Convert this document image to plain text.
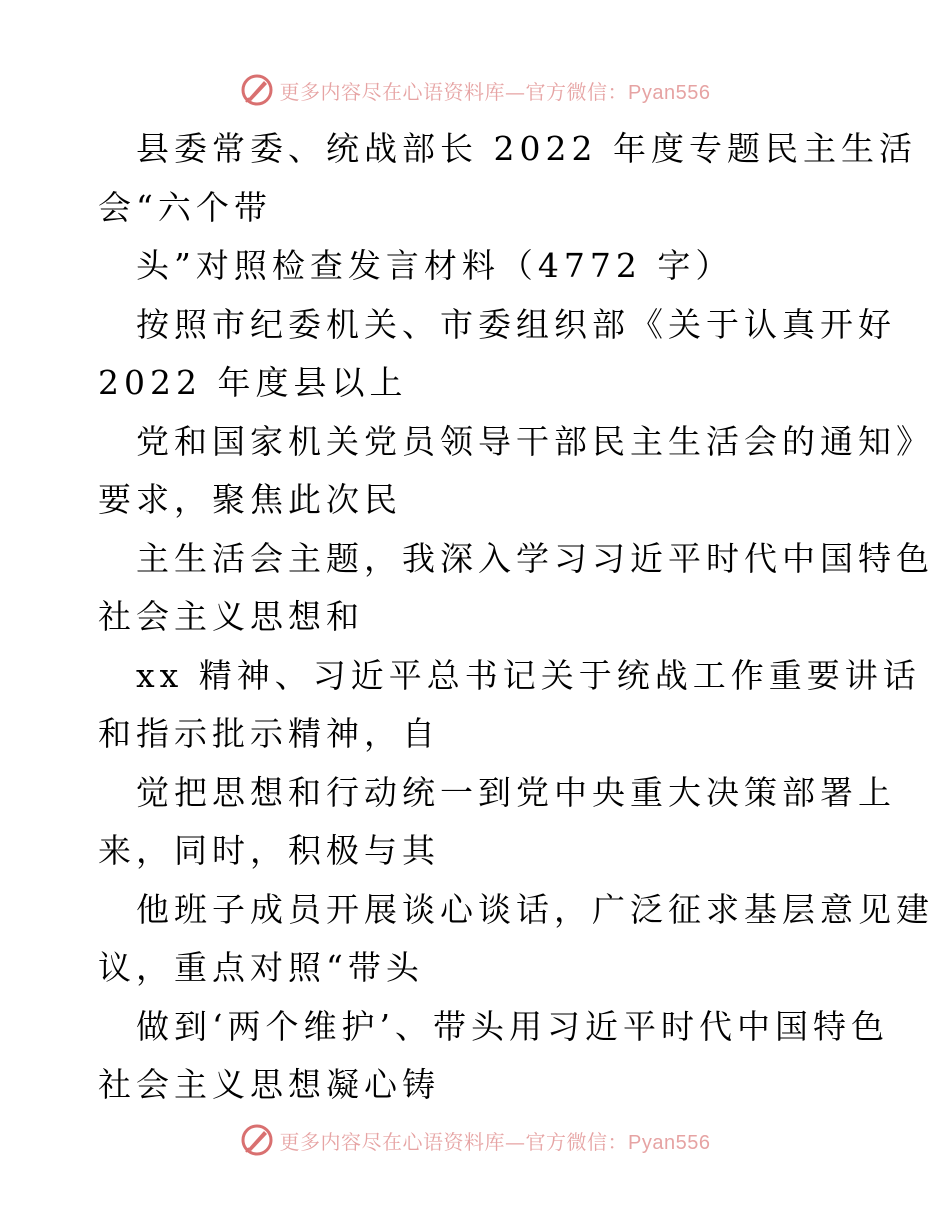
更多内容尽在心语资料库—官方微信：Pyan556
县委常委、统战部长 2022 年度专题民主生活
会“六个带
头”对照检查发言材料（4772 字）
按照市纪委机关、市委组织部《关于认真开好
2022 年度县以上
党和国家机关党员领导干部民主生活会的通知》
要求，聚焦此次民
主生活会主题，我深入学习习近平时代中国特色
社会主义思想和
xx 精神、习近平总书记关于统战工作重要讲话
和指示批示精神，自
觉把思想和行动统一到党中央重大决策部署上
来，同时，积极与其
他班子成员开展谈心谈话，广泛征求基层意见建
议，重点对照“带头
做到‘两个维护’、带头用习近平时代中国特色
社会主义思想凝心铸
更多内容尽在心语资料库—官方微信：Pyan556
